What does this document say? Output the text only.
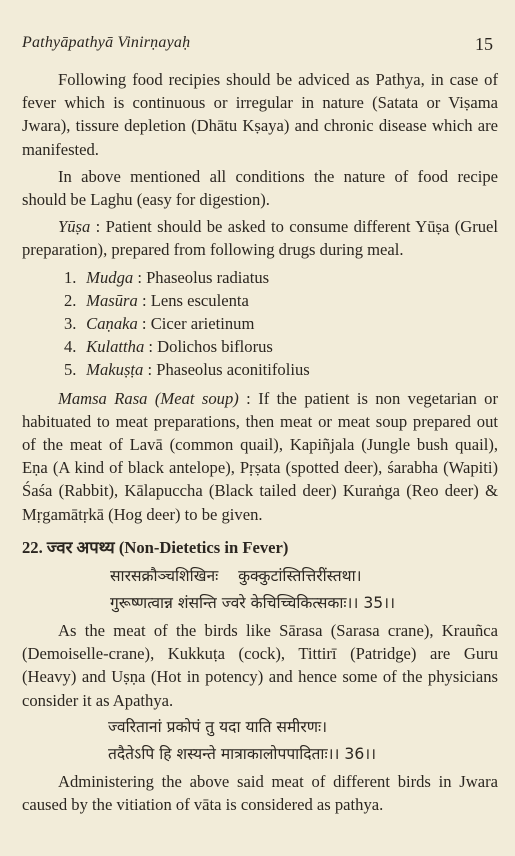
Pathyāpathyā Vinirṇayaḥ	15

Following food recipies should be adviced as Pathya, in case of fever which is continuous or irregular in nature (Satata or Viṣama Jwara), tissure depletion (Dhātu Kṣaya) and chronic disease which are manifested.

In above mentioned all conditions the nature of food recipe should be Laghu (easy for digestion).

Yūṣa : Patient should be asked to consume different Yūṣa (Gruel preparation), prepared from following drugs during meal.

1. Mudga : Phaseolus radiatus
2. Masūra : Lens esculenta
3. Caṇaka : Cicer arietinum
4. Kulattha : Dolichos biflorus
5. Makuṣṭa : Phaseolus aconitifolius

Mamsa Rasa (Meat soup) : If the patient is non vegetarian or habituated to meat preparations, then meat or meat soup prepared out of the meat of Lavā (common quail), Kapiñjala (Jungle bush quail), Eṇa (A kind of black antelope), Pṛṣata (spotted deer), śarabha (Wapiti) Śaśa (Rabbit), Kālapuccha (Black tailed deer) Kuraṅga (Reo deer) & Mṛgamātṛkā (Hog deer) to be given.

22. ज्वर अपथ्य (Non-Dietetics in Fever)
सारसक्रौञ्चशिखिनः    कुक्कुटांस्तित्तिरींस्तथा।
गुरूष्णत्वान्न शंसन्ति ज्वरे केचिच्चिकित्सकाः।। 35।।

As the meat of the birds like Sārasa (Sarasa crane), Krauñca (Demoiselle-crane), Kukkuṭa (cock), Tittirī (Patridge) are Guru (Heavy) and Uṣṇa (Hot in potency) and hence some of the physicians consider it as Apathya.

ज्वरितानां प्रकोपं तु यदा याति समीरणः।
तदैतेऽपि हि शस्यन्ते मात्राकालोपपादिताः।। 36।।

Administering the above said meat of different birds in Jwara caused by the vitiation of vāta is considered as pathya.
